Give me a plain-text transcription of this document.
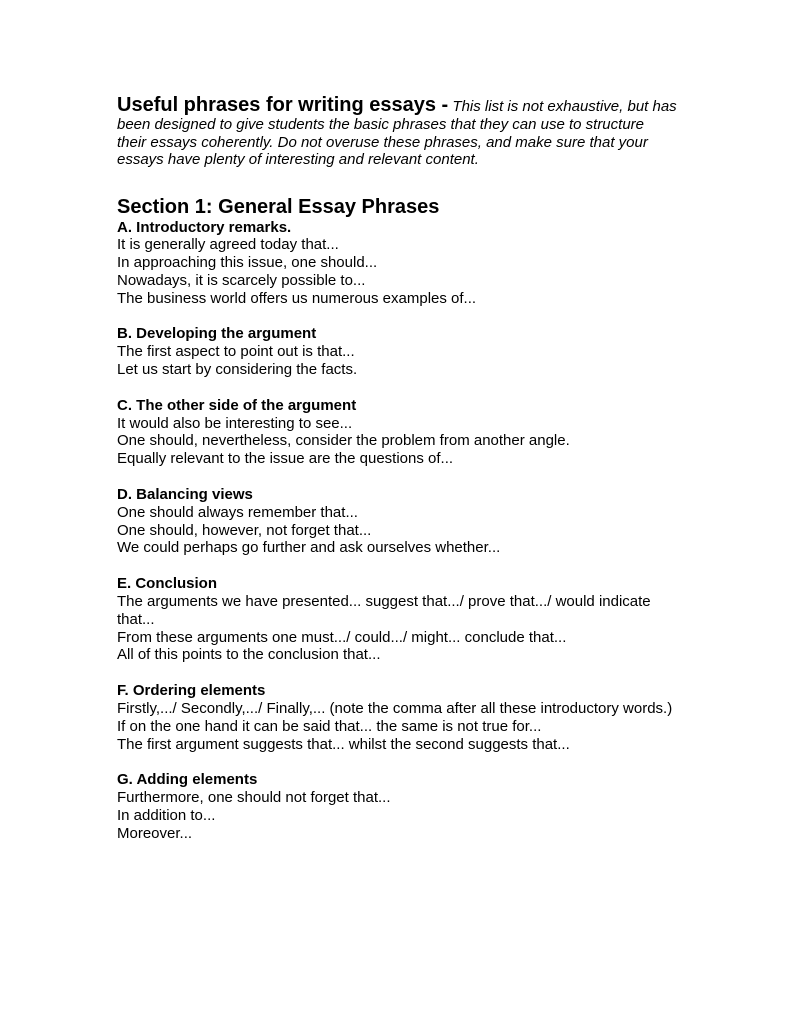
Useful phrases for writing essays - This list is not exhaustive, but has been designed to give students the basic phrases that they can use to structure their essays coherently. Do not overuse these phrases, and make sure that your essays have plenty of interesting and relevant content.

Section 1: General Essay Phrases
A. Introductory remarks.
It is generally agreed today that...
In approaching this issue, one should...
Nowadays, it is scarcely possible to...
The business world offers us numerous examples of...
B. Developing the argument
The first aspect to point out is that...
Let us start by considering the facts.
C. The other side of the argument
It would also be interesting to see...
One should, nevertheless, consider the problem from another angle.
Equally relevant to the issue are the questions of...
D. Balancing views
One should always remember that...
One should, however, not forget that...
We could perhaps go further and ask ourselves whether...
E. Conclusion
The arguments we have presented... suggest that.../ prove that.../ would indicate that...
From these arguments one must.../ could.../ might... conclude that...
All of this points to the conclusion that...
F. Ordering elements
Firstly,.../ Secondly,.../ Finally,... (note the comma after all these introductory words.)
If on the one hand it can be said that... the same is not true for...
The first argument suggests that... whilst the second suggests that...
G. Adding elements
Furthermore, one should not forget that...
In addition to...
Moreover...
